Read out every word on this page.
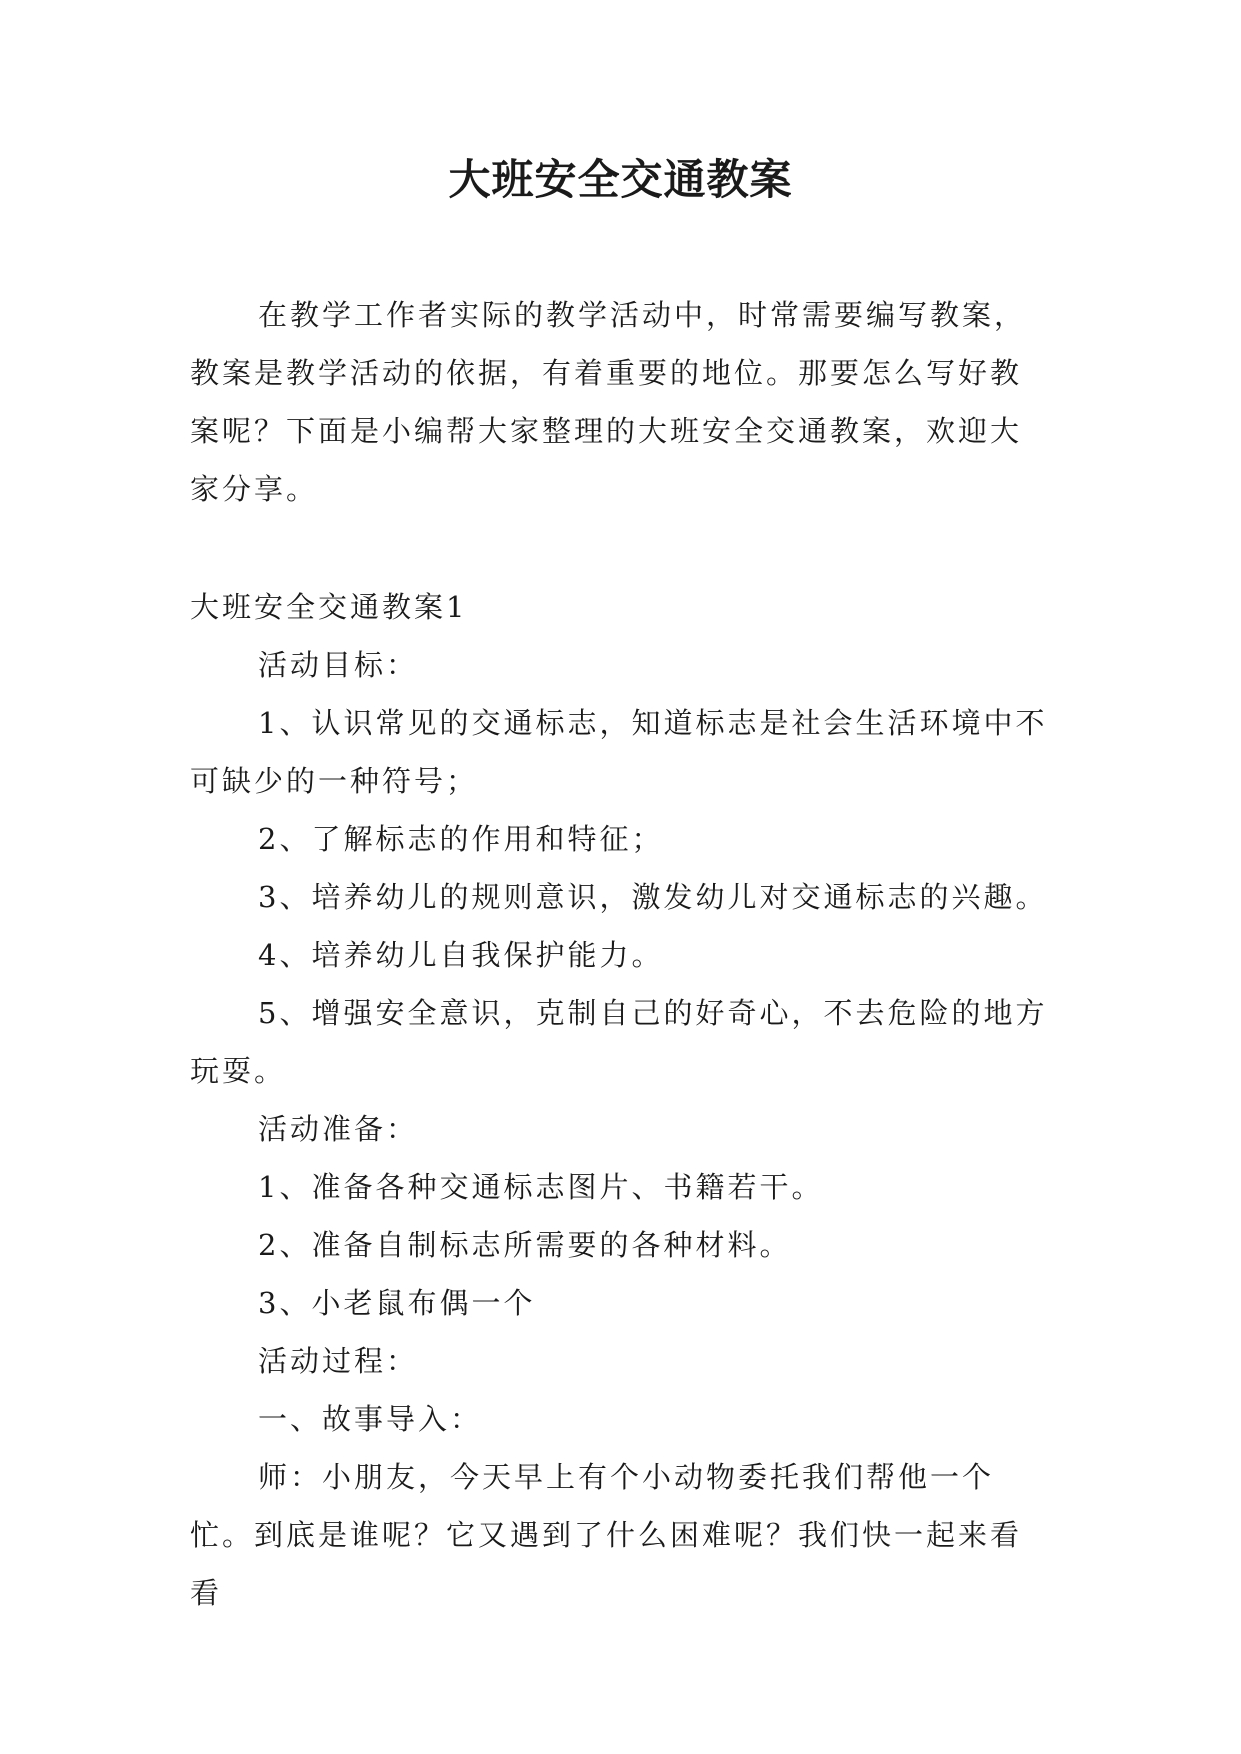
大班安全交通教案
在教学工作者实际的教学活动中，时常需要编写教案，教案是教学活动的依据，有着重要的地位。那要怎么写好教案呢？下面是小编帮大家整理的大班安全交通教案，欢迎大家分享。

大班安全交通教案1

活动目标：

1、认识常见的交通标志，知道标志是社会生活环境中不可缺少的一种符号；

2、了解标志的作用和特征；

3、培养幼儿的规则意识，激发幼儿对交通标志的兴趣。

4、培养幼儿自我保护能力。

5、增强安全意识，克制自己的好奇心，不去危险的地方玩耍。

活动准备：

1、准备各种交通标志图片、书籍若干。

2、准备自制标志所需要的各种材料。

3、小老鼠布偶一个

活动过程：

一、故事导入：

师：小朋友，今天早上有个小动物委托我们帮他一个忙。到底是谁呢？它又遇到了什么困难呢？我们快一起来看看
